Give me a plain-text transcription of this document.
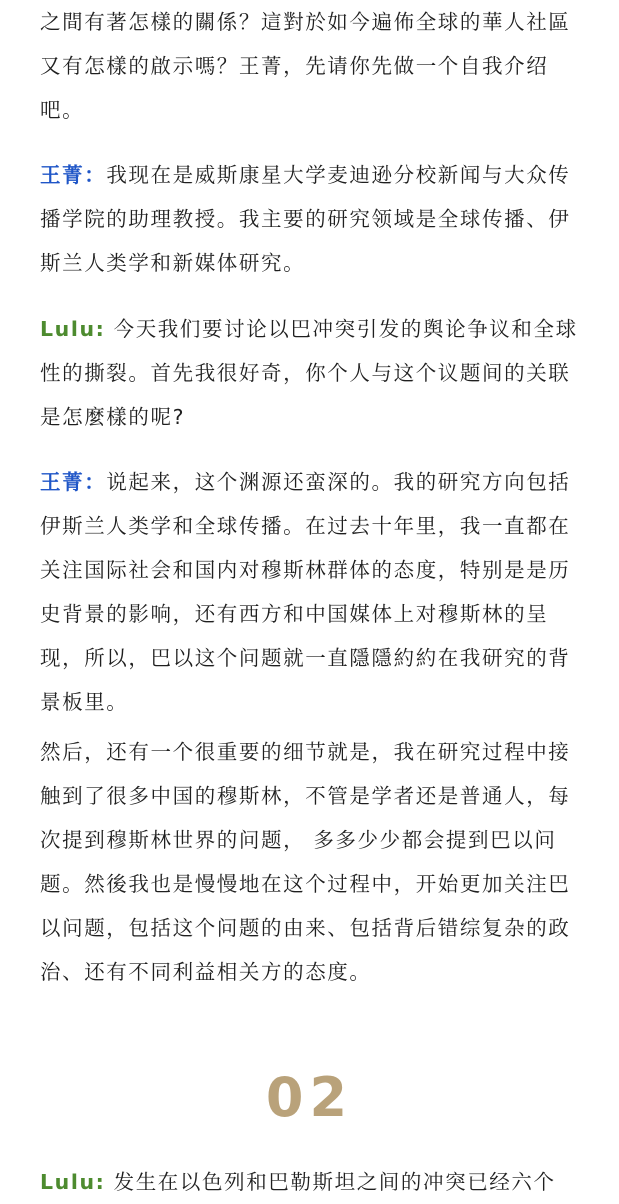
之間有著怎樣的關係？這對於如今遍佈全球的華人社區又有怎樣的啟示嗎？王菁，先请你先做一个自我介绍吧。

王菁：我现在是威斯康星大学麦迪逊分校新闻与大众传播学院的助理教授。我主要的研究领域是全球传播、伊斯兰人类学和新媒体研究。

Lulu: 今天我们要讨论以巴冲突引发的舆论争议和全球性的撕裂。首先我很好奇，你个人与这个议题间的关联是怎麼樣的呢?

王菁：说起来，这个渊源还蛮深的。我的研究方向包括伊斯兰人类学和全球传播。在过去十年里，我一直都在关注国际社会和国内对穆斯林群体的态度，特别是是历史背景的影响，还有西方和中国媒体上对穆斯林的呈现，所以，巴以这个问题就一直隱隱約約在我研究的背景板里。

然后，还有一个很重要的细节就是，我在研究过程中接触到了很多中国的穆斯林，不管是学者还是普通人，每次提到穆斯林世界的问题， 多多少少都会提到巴以问题。然後我也是慢慢地在这个过程中，开始更加关注巴以问题，包括这个问题的由来、包括背后错综复杂的政治、还有不同利益相关方的态度。

02

Lulu: 发生在以色列和巴勒斯坦之间的冲突已经六个
